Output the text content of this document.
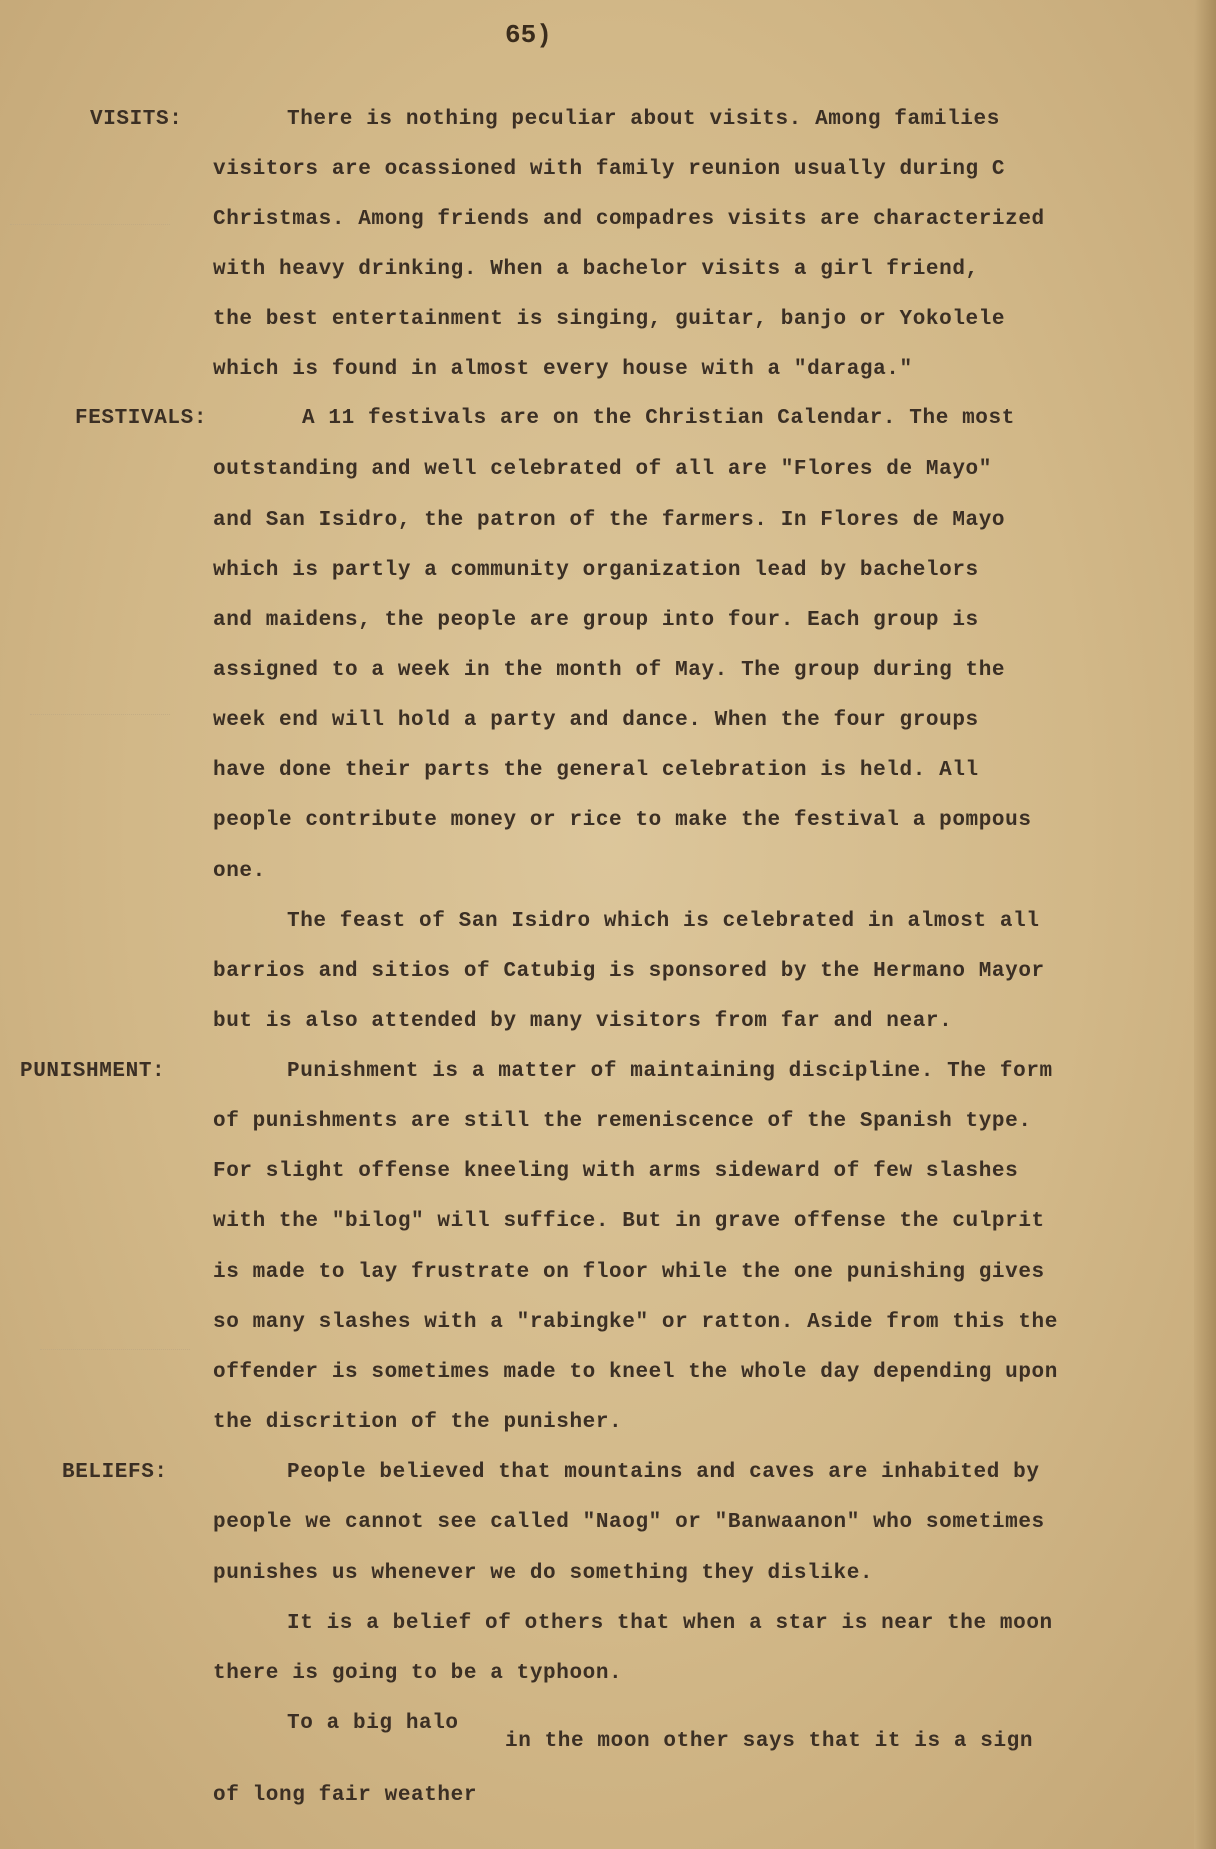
65)
VISITS:	There is nothing peculiar about visits. Among families
visitors are ocassioned with family reunion usually during C
Christmas. Among friends and compadres visits are characterized
with heavy drinking. When a bachelor visits a girl friend,
the best entertainment is singing, guitar, banjo or Yokolele
which is found in almost every house with a "daraga."
FESTIVALS:	A 11 festivals are on the Christian Calendar. The most
outstanding and well celebrated of all are "Flores de Mayo"
and San Isidro, the patron of the farmers. In Flores de Mayo
which is partly a community organization lead by bachelors
and maidens, the people are group into four. Each group is
assigned to a week in the month of May. The group during the
week end will hold a party and dance. When the four groups
have done their parts the general celebration is held. All
people contribute money or rice to make the festival a pompous
one.
The feast of San Isidro which is celebrated in almost all
barrios and sitios of Catubig is sponsored by the Hermano Mayor
but is also attended by many visitors from far and near.
PUNISHMENT:	Punishment is a matter of maintaining discipline. The form
of punishments are still the remeniscence of the Spanish type.
For slight offense kneeling with arms sideward of few slashes
with the "bilog" will suffice. But in grave offense the culprit
is made to lay frustrate on floor while the one punishing gives
so many slashes with a "rabingke" or ratton. Aside from this the
offender is sometimes made to kneel the whole day depending upon
the discrition of the punisher.
BELIEFS:	People believed that mountains and caves are inhabited by
people we cannot see called "Naog" or "Banwaanon" who sometimes
punishes us whenever we do something they dislike.
It is a belief of others that when a star is near the moon
there is going to be a typhoon.
To a big halo
in the moon other says that it is a sign
of long fair weather
